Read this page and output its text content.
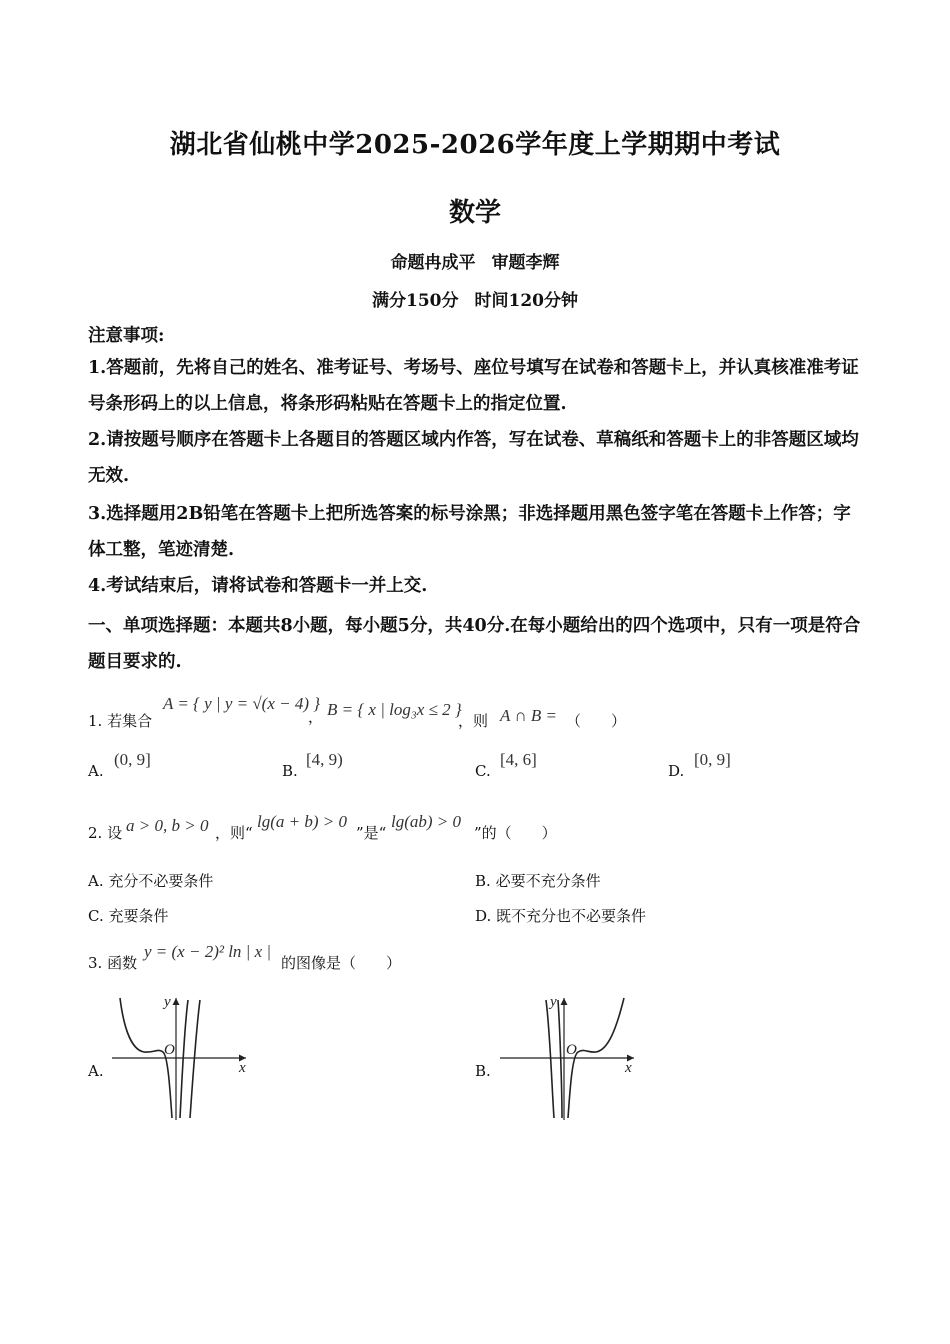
湖北省仙桃中学2025-2026学年度上学期期中考试
数学
命题冉成平 审题李辉
满分150分 时间120分钟
注意事项:
1.答题前，先将自己的姓名、准考证号、考场号、座位号填写在试卷和答题卡上，并认真核准准考证号条形码上的以上信息，将条形码粘贴在答题卡上的指定位置.
2.请按题号顺序在答题卡上各题目的答题区域内作答，写在试卷、草稿纸和答题卡上的非答题区域均无效.
3.选择题用2B铅笔在答题卡上把所选答案的标号涂黑；非选择题用黑色签字笔在答题卡上作答；字体工整，笔迹清楚.
4.考试结束后，请将试卷和答题卡一并上交.
一、单项选择题：本题共8小题，每小题5分，共40分.在每小题给出的四个选项中，只有一项是符合题目要求的.
1. 若集合
A = { y | y = √(x − 4) }
， B = { x | log₃x ≤ 2 }
，则 A ∩ B = （　　）
A.
(0, 9]
B.
[4, 9)
C.
[4, 6]
D.
[0, 9]
2. 设 a > 0, b > 0 ，则“
lg(a + b) > 0
”是“
lg(ab) > 0
”的（　　）
A. 充分不必要条件	B. 必要不充分条件
C. 充要条件	D. 既不充分也不必要条件
3. 函数
y = (x − 2)² ln | x |
的图像是（　　）
A.
O
y
x	B.
O
y
x
